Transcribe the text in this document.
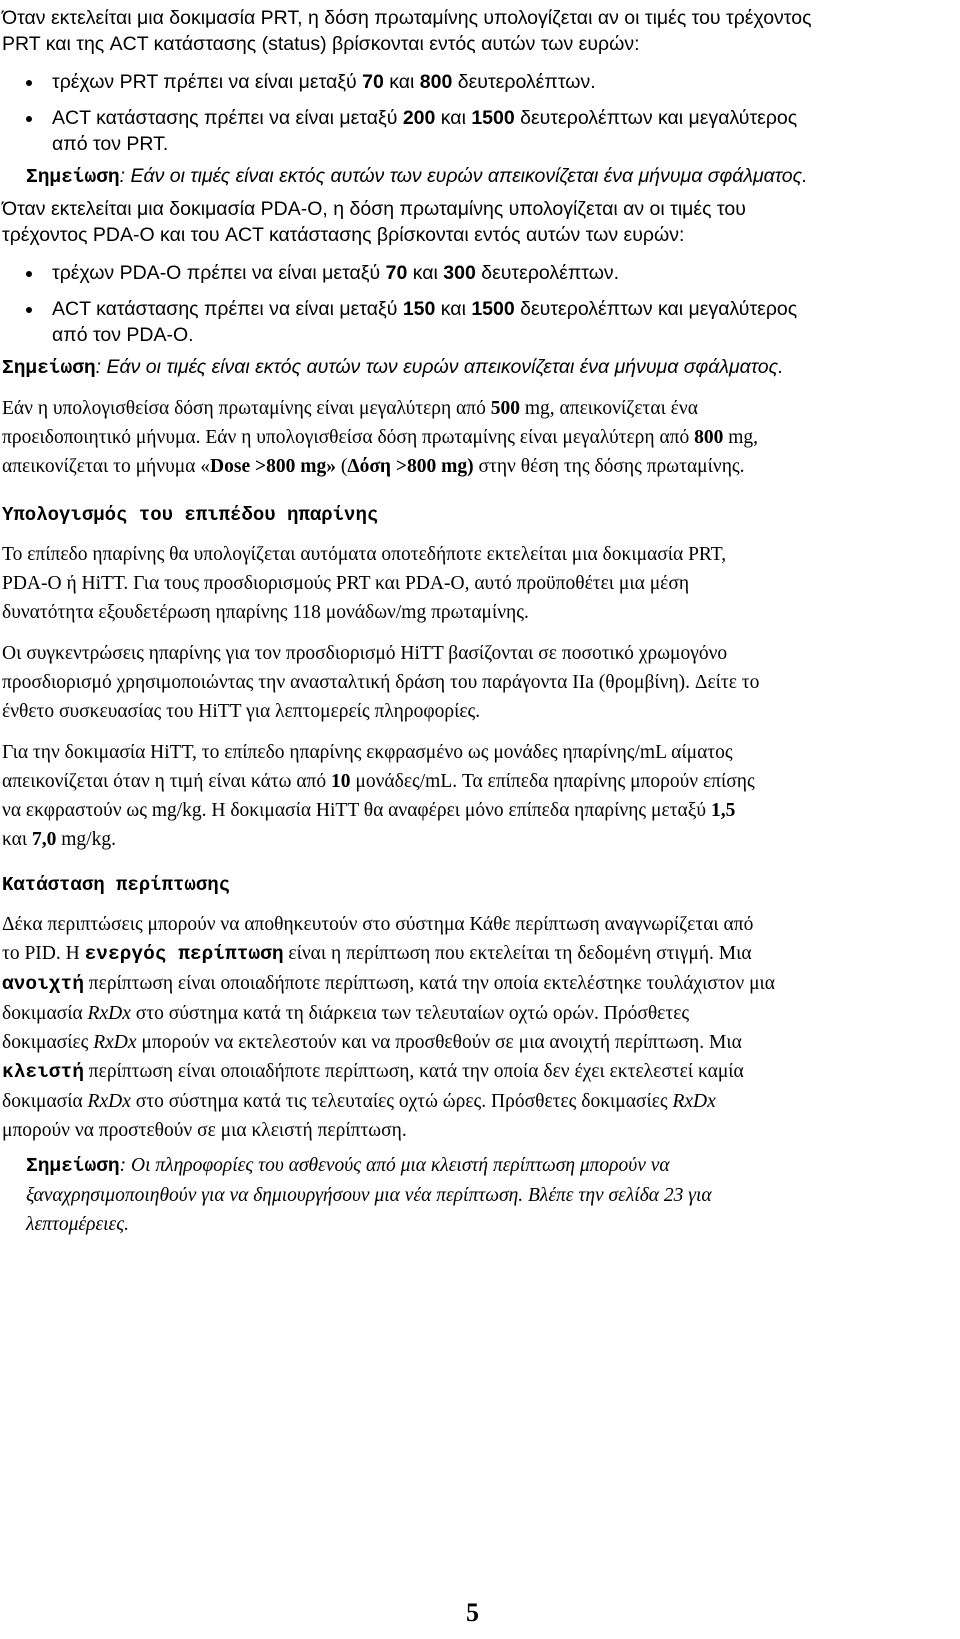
Όταν εκτελείται μια δοκιμασία PRT, η δόση πρωταμίνης υπολογίζεται αν οι τιμές του τρέχοντος
PRT και της ACT κατάστασης (status) βρίσκονται εντός αυτών των ευρών:

τρέχων PRT πρέπει να είναι μεταξύ 70 και 800 δευτερολέπτων.

ACT κατάστασης πρέπει να είναι μεταξύ 200 και 1500 δευτερολέπτων και μεγαλύτερος
από τον PRT.

Σημείωση: Εάν οι τιμές είναι εκτός αυτών των ευρών απεικονίζεται ένα μήνυμα σφάλματος.

Όταν εκτελείται μια δοκιμασία PDA-O, η δόση πρωταμίνης υπολογίζεται αν οι τιμές του
τρέχοντος PDA-O και του ACT κατάστασης βρίσκονται εντός αυτών των ευρών:

τρέχων PDA-O πρέπει να είναι μεταξύ 70 και 300 δευτερολέπτων.

ACT κατάστασης πρέπει να είναι μεταξύ 150 και 1500 δευτερολέπτων και μεγαλύτερος
από τον PDA-O.

Σημείωση: Εάν οι τιμές είναι εκτός αυτών των ευρών απεικονίζεται ένα μήνυμα σφάλματος.

Εάν η υπολογισθείσα δόση πρωταμίνης είναι μεγαλύτερη από 500 mg, απεικονίζεται ένα
προειδοποιητικό μήνυμα. Εάν η υπολογισθείσα δόση πρωταμίνης είναι μεγαλύτερη από 800 mg,
απεικονίζεται το μήνυμα «Dose >800 mg» (Δόση >800 mg) στην θέση της δόσης πρωταμίνης.

Υπολογισμός του επιπέδου ηπαρίνης

Το επίπεδο ηπαρίνης θα υπολογίζεται αυτόματα οποτεδήποτε εκτελείται μια δοκιμασία PRT,
PDA-O ή HiTT. Για τους προσδιορισμούς PRT και PDA-O, αυτό προϋποθέτει μια μέση
δυνατότητα εξουδετέρωση ηπαρίνης 118 μονάδων/mg πρωταμίνης.

Οι συγκεντρώσεις ηπαρίνης για τον προσδιορισμό HiTT βασίζονται σε ποσοτικό χρωμογόνο
προσδιορισμό χρησιμοποιώντας την ανασταλτική δράση του παράγοντα IIa (θρομβίνη). Δείτε το
ένθετο συσκευασίας του HiTT για λεπτομερείς πληροφορίες.

Για την δοκιμασία HiTT, το επίπεδο ηπαρίνης εκφρασμένο ως μονάδες ηπαρίνης/mL αίματος
απεικονίζεται όταν η τιμή είναι κάτω από 10 μονάδες/mL. Τα επίπεδα ηπαρίνης μπορούν επίσης
να εκφραστούν ως mg/kg. Η δοκιμασία HiTT θα αναφέρει μόνο επίπεδα ηπαρίνης μεταξύ 1,5
και 7,0 mg/kg.

Κατάσταση περίπτωσης

Δέκα περιπτώσεις μπορούν να αποθηκευτούν στο σύστημα Κάθε περίπτωση αναγνωρίζεται από
το PID. Η ενεργός περίπτωση είναι η περίπτωση που εκτελείται τη δεδομένη στιγμή. Μια
ανοιχτή περίπτωση είναι οποιαδήποτε περίπτωση, κατά την οποία εκτελέστηκε τουλάχιστον μια
δοκιμασία RxDx στο σύστημα κατά τη διάρκεια των τελευταίων οχτώ ορών. Πρόσθετες
δοκιμασίες RxDx μπορούν να εκτελεστούν και να προσθεθούν σε μια ανοιχτή περίπτωση. Μια
κλειστή περίπτωση είναι οποιαδήποτε περίπτωση, κατά την οποία δεν έχει εκτελεστεί καμία
δοκιμασία RxDx στο σύστημα κατά τις τελευταίες οχτώ ώρες. Πρόσθετες δοκιμασίες RxDx
μπορούν να προστεθούν σε μια κλειστή περίπτωση.

Σημείωση: Οι πληροφορίες του ασθενούς από μια κλειστή περίπτωση μπορούν να
ξαναχρησιμοποιηθούν για να δημιουργήσουν μια νέα περίπτωση. Βλέπε την σελίδα 23 για
λεπτομέρειες.

5
